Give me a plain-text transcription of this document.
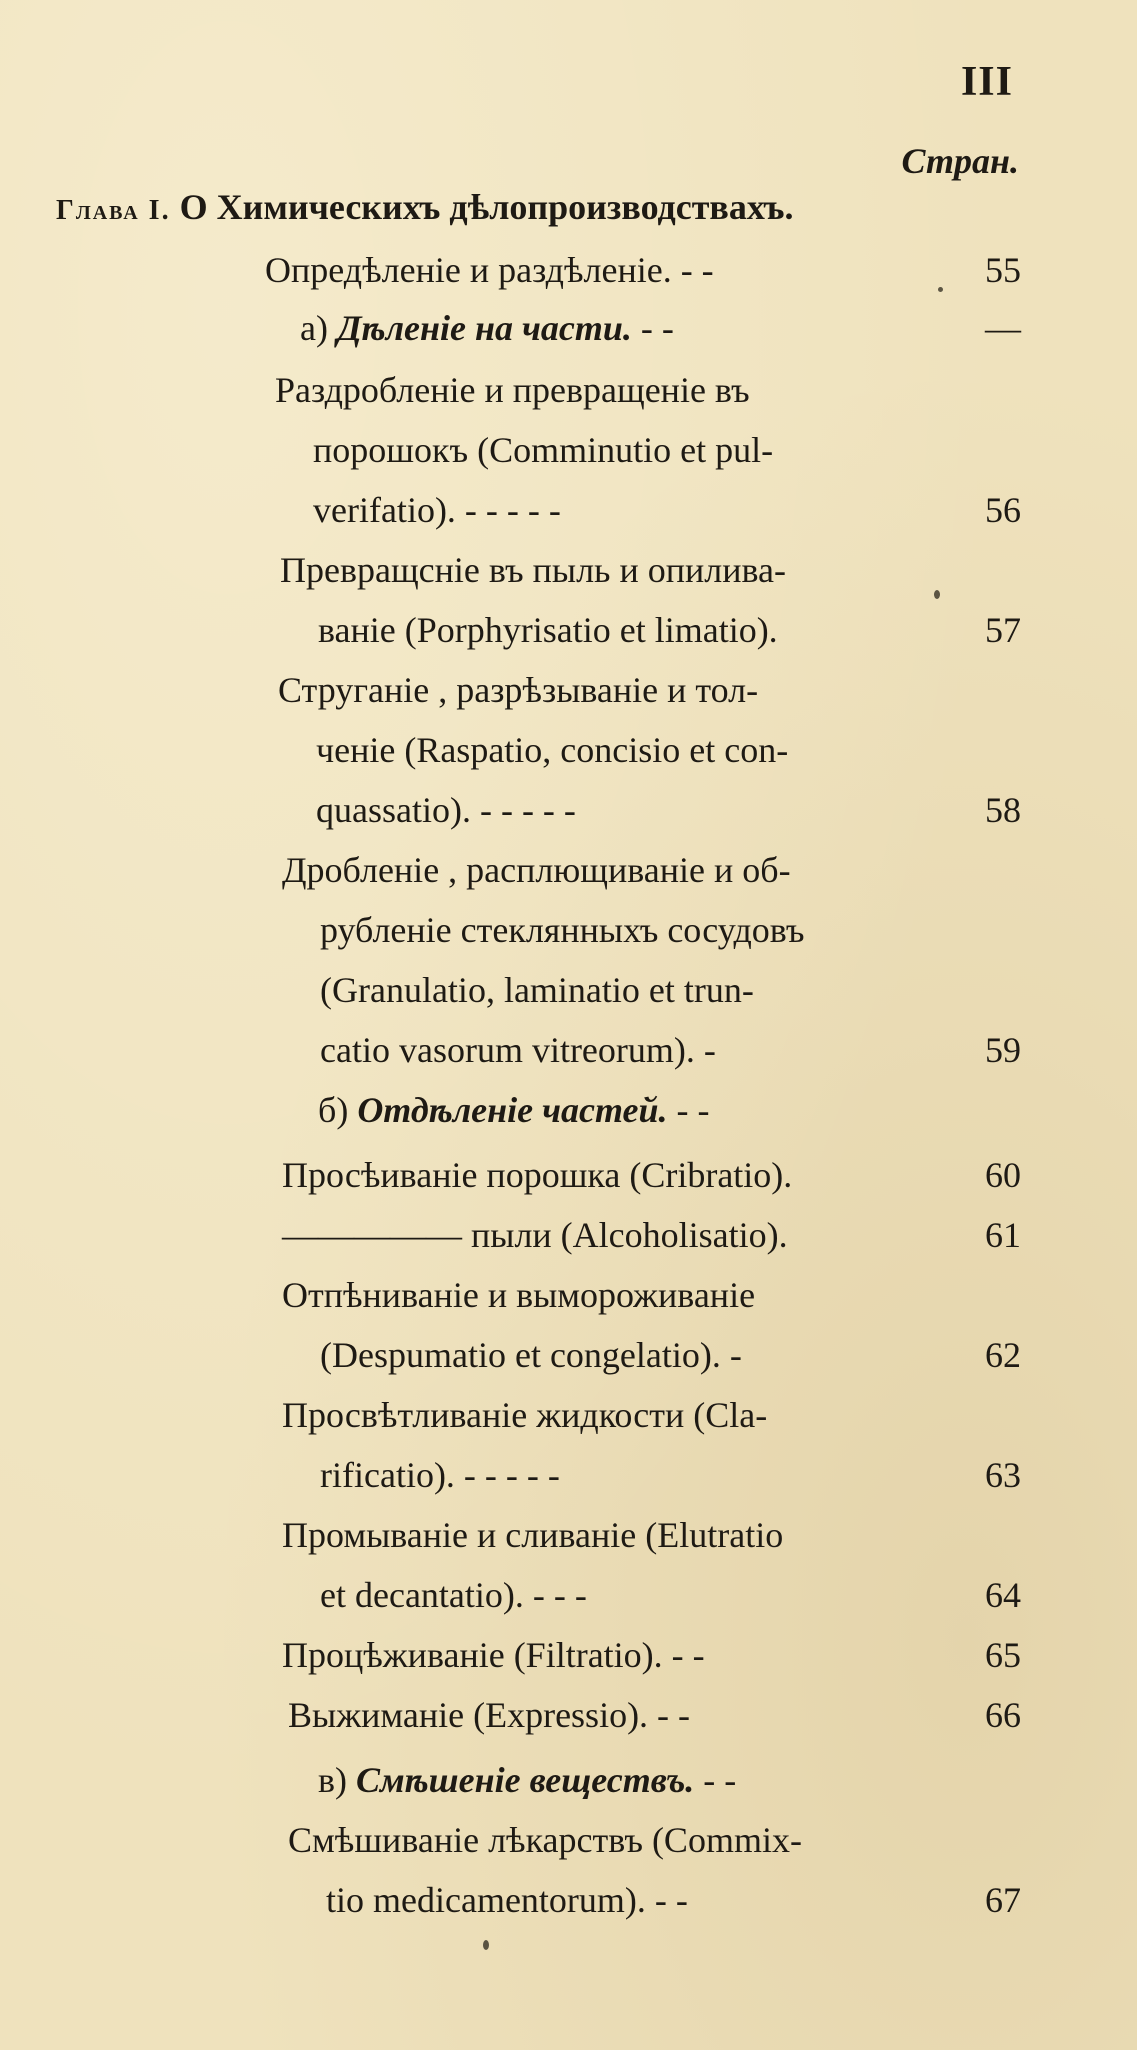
III
Стран.
Глава I. О Химическихъ дѣлопроизводствахъ.
Опредѣленіе и раздѣленіе. - -	55
а) Дѣленіе на части. - -	—
Раздробленіе и превращеніе въ
порошокъ (Comminutio et pul-
verifatio). - - - - -	56
Превращсніе въ пыль и опилива-
ваніе (Porphyrisatio et limatio).	57
Струганіе , разрѣзываніе и тол-
ченіе (Raspatio, concisio et con-
quassatio). - - - - -	58
Дробленіе , расплющиваніе и об-
рубленіе стеклянныхъ сосудовъ
(Granulatio, laminatio et trun-
catio vasorum vitreorum). -	59
б) Отдѣленіе частей. - -
Просѣиваніе порошка (Cribratio).	60
————— пыли (Alcoholisatio).	61
Отпѣниваніе и вымороживаніе
(Despumatio et congelatio). -	62
Просвѣтливаніе жидкости (Cla-
rificatio). - - - - -	63
Промываніе и сливаніе (Elutratio
et decantatio). - - -	64
Процѣживаніе (Filtratio). - -	65
Выжиманіе (Expressio). - -	66
в) Смѣшеніе веществъ. - -
Смѣшиваніе лѣкарствъ (Commix-
tio medicamentorum). - -	67
